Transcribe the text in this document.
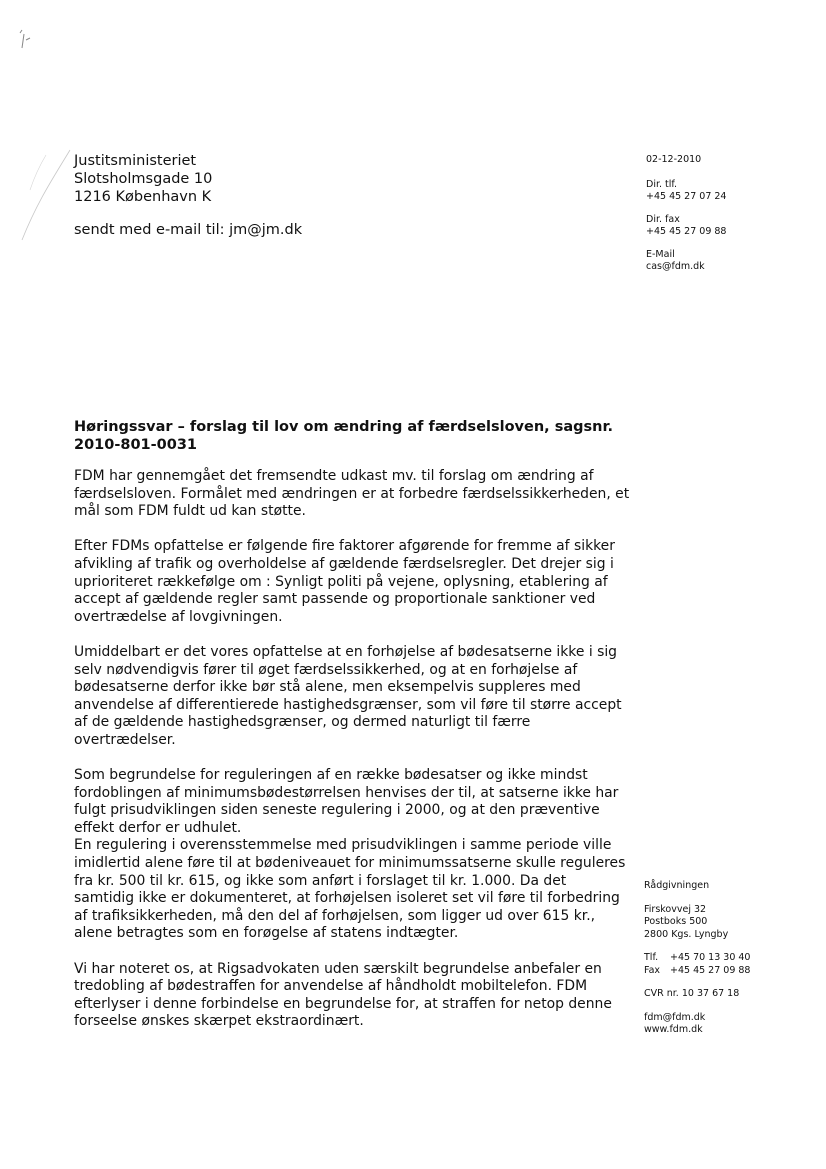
Justitsministeriet
Slotsholmsgade 10
1216 København K
sendt med e-mail til: jm@jm.dk
02-12-2010
Dir. tlf.
+45 45 27 07 24
Dir. fax
+45 45 27 09 88
E-Mail
cas@fdm.dk
Høringssvar – forslag til lov om ændring af færdselsloven, sagsnr.
2010-801-0031

FDM har gennemgået det fremsendte udkast mv. til forslag om ændring af færdselsloven. Formålet med ændringen er at forbedre færdselssikkerheden, et mål som FDM fuldt ud kan støtte.

Efter FDMs opfattelse er følgende fire faktorer afgørende for fremme af sikker afvikling af trafik og overholdelse af gældende færdselsregler. Det drejer sig i uprioriteret rækkefølge om : Synligt politi på vejene, oplysning, etablering af accept af gældende regler samt passende og proportionale sanktioner ved overtrædelse af lovgivningen.

Umiddelbart er det vores opfattelse at en forhøjelse af bødesatserne ikke i sig selv nødvendigvis fører til øget færdselssikkerhed, og at en forhøjelse af bødesatserne derfor ikke bør stå alene, men eksempelvis suppleres med anvendelse af differentierede hastighedsgrænser, som vil føre til større accept af de gældende hastighedsgrænser, og dermed naturligt til færre overtrædelser.

Som begrundelse for reguleringen af en række bødesatser og ikke mindst fordoblingen af minimumsbødestørrelsen henvises der til, at satserne ikke har fulgt prisudviklingen siden seneste regulering i 2000, og at den præventive effekt derfor er udhulet.

En regulering i overensstemmelse med prisudviklingen i samme periode ville imidlertid alene føre til at bødeniveauet for minimumssatserne skulle reguleres fra kr. 500 til kr. 615, og ikke som anført i forslaget til kr. 1.000. Da det samtidig ikke er dokumenteret, at forhøjelsen isoleret set vil føre til forbedring af trafiksikkerheden, må den del af forhøjelsen, som ligger ud over 615 kr., alene betragtes som en forøgelse af statens indtægter.

Vi har noteret os, at Rigsadvokaten uden særskilt begrundelse anbefaler en tredobling af bødestraffen for anvendelse af håndholdt mobiltelefon. FDM efterlyser i denne forbindelse en begrundelse for, at straffen for netop denne forseelse ønskes skærpet ekstraordinært.

Rådgivningen
Firskovvej 32
Postboks 500
2800 Kgs. Lyngby
Tlf. +45 70 13 30 40
Fax +45 45 27 09 88
CVR nr. 10 37 67 18
fdm@fdm.dk
www.fdm.dk
